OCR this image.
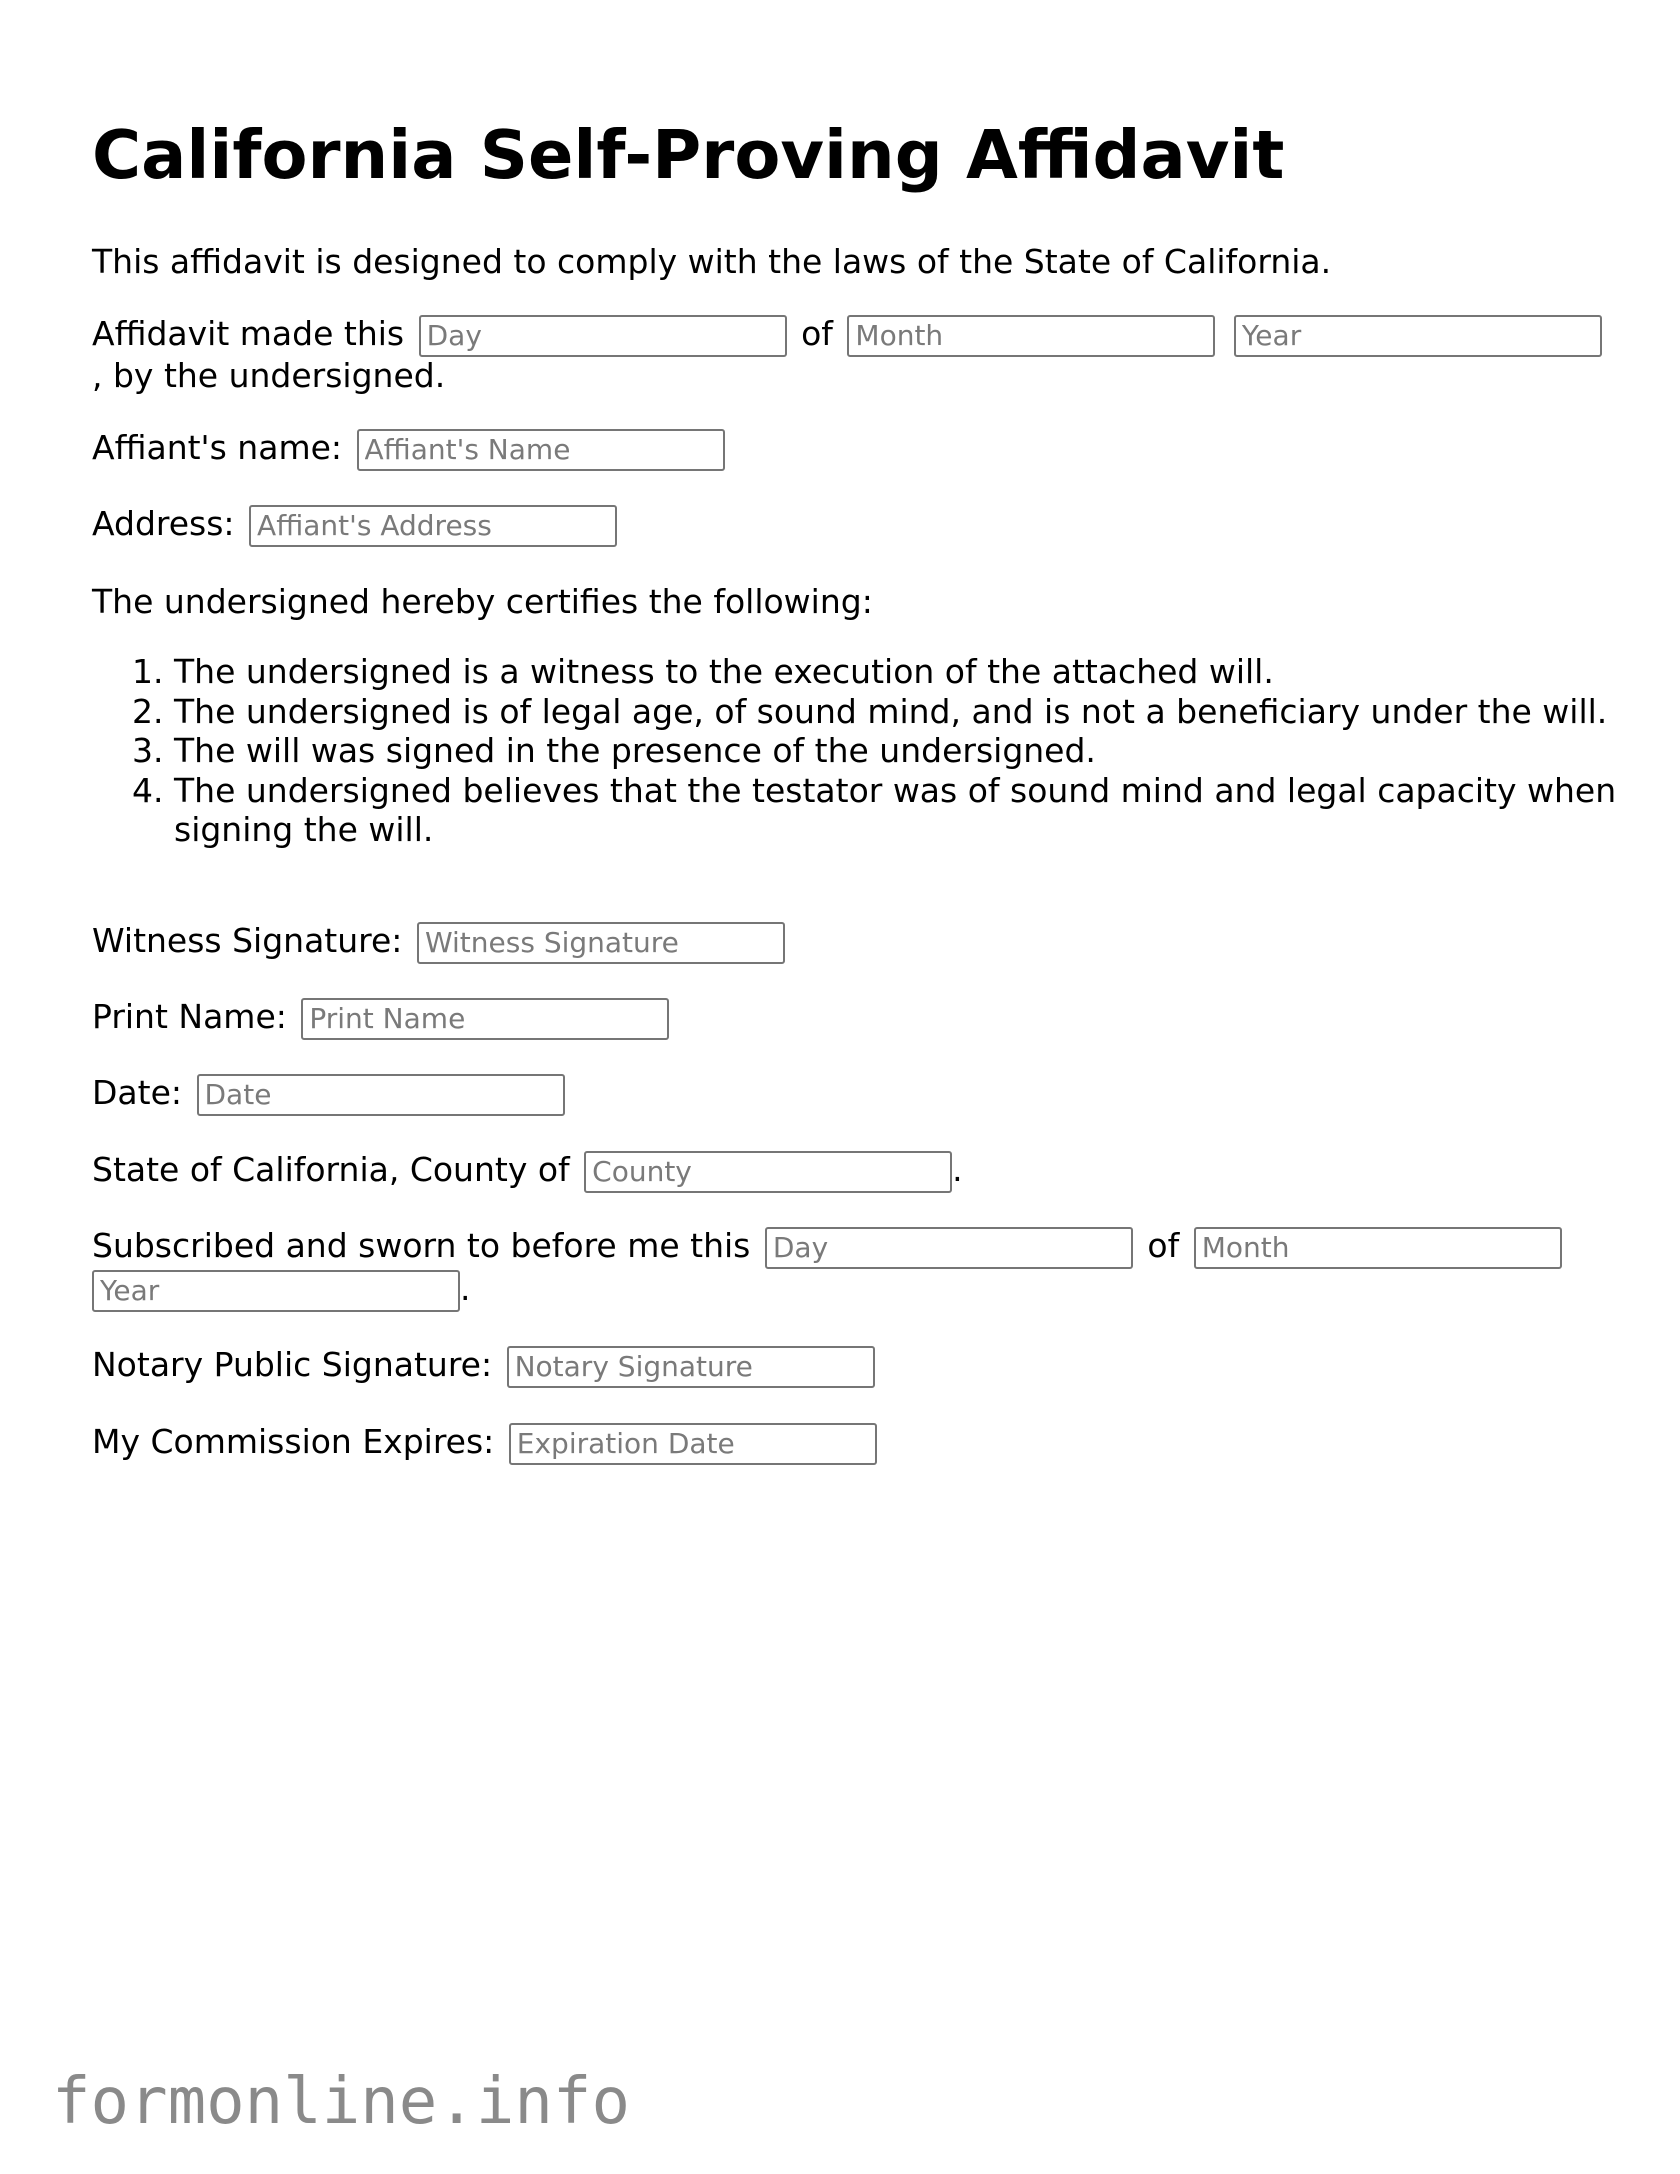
California Self-Proving Affidavit
This affidavit is designed to comply with the laws of the State of California.
Affidavit made this Day	of Month Year
, by the undersigned.
Affiant's name: Affiant's Name
Address: Affiant's Address
The undersigned hereby certifies the following:
1. The undersigned is a witness to the execution of the attached will.
2. The undersigned is of legal age, of sound mind, and is not a beneficiary under the will.
3. The will was signed in the presence of the undersigned.
4. The undersigned believes that the testator was of sound mind and legal capacity when signing the will.
Witness Signature: Witness Signature
Print Name: Print Name
Date: Date
State of California, County of County	.
Subscribed and sworn to before me this Day	of Month
Year.
Notary Public Signature: Notary Signature
My Commission Expires: Expiration Date
formonline.info
